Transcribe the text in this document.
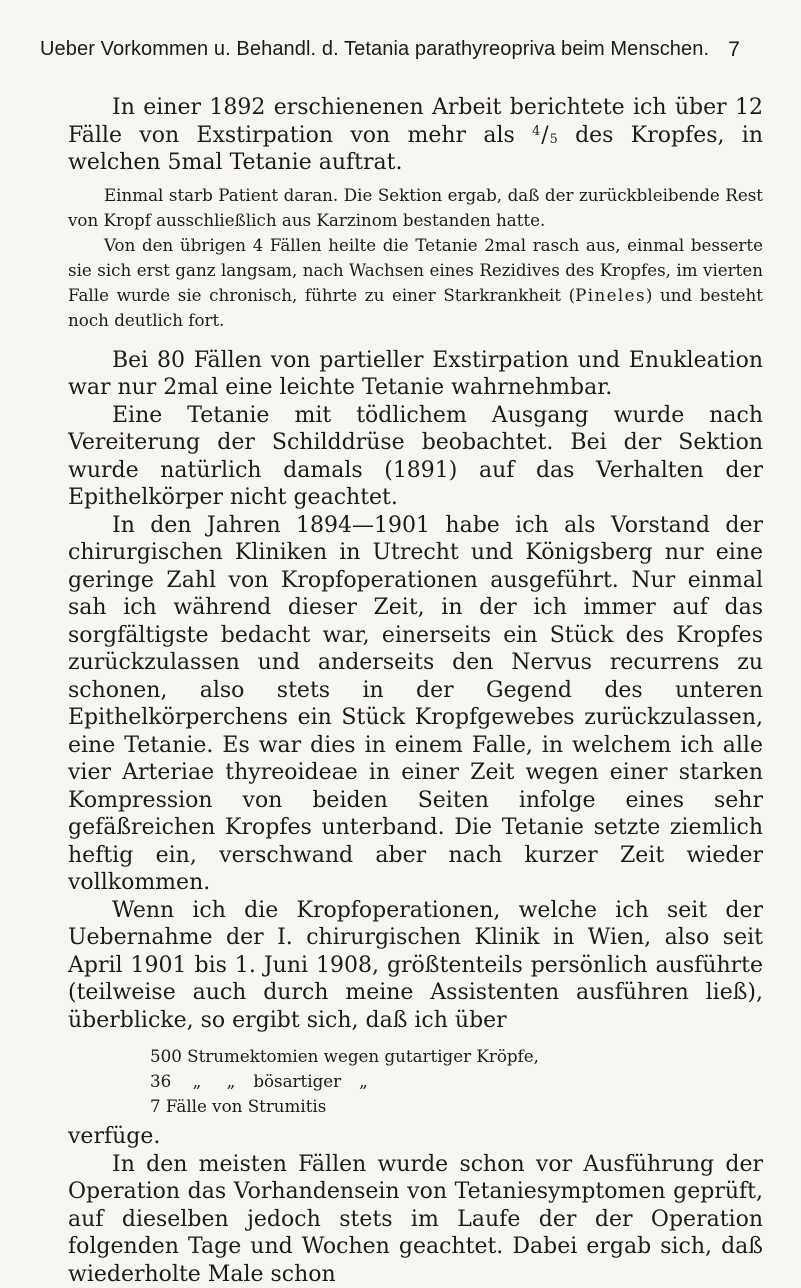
Ueber Vorkommen u. Behandl. d. Tetania parathyreopriva beim Menschen. 7

In einer 1892 erschienenen Arbeit berichtete ich über 12 Fälle von Exstirpation von mehr als $^4$/5 des Kropfes, in welchen 5mal Tetanie auftrat.

Einmal starb Patient daran. Die Sektion ergab, daß der zurückbleibende Rest von Kropf ausschließlich aus Karzinom bestanden hatte.

Von den übrigen 4 Fällen heilte die Tetanie 2mal rasch aus, einmal besserte sie sich erst ganz langsam, nach Wachsen eines Rezidives des Kropfes, im vierten Falle wurde sie chronisch, führte zu einer Starkrankheit (Pineles) und besteht noch deutlich fort.

Bei 80 Fällen von partieller Exstirpation und Enukleation war nur 2mal eine leichte Tetanie wahrnehmbar.

Eine Tetanie mit tödlichem Ausgang wurde nach Vereiterung der Schilddrüse beobachtet. Bei der Sektion wurde natürlich damals (1891) auf das Verhalten der Epithelkörper nicht geachtet.

In den Jahren 1894—1901 habe ich als Vorstand der chirurgischen Kliniken in Utrecht und Königsberg nur eine geringe Zahl von Kropfoperationen ausgeführt. Nur einmal sah ich während dieser Zeit, in der ich immer auf das sorgfältigste bedacht war, einerseits ein Stück des Kropfes zurückzulassen und anderseits den Nervus recurrens zu schonen, also stets in der Gegend des unteren Epithelkörperchens ein Stück Kropfgewebes zurückzulassen, eine Tetanie. Es war dies in einem Falle, in welchem ich alle vier Arteriae thyreoideae in einer Zeit wegen einer starken Kompression von beiden Seiten infolge eines sehr gefäßreichen Kropfes unterband. Die Tetanie setzte ziemlich heftig ein, verschwand aber nach kurzer Zeit wieder vollkommen.

Wenn ich die Kropfoperationen, welche ich seit der Uebernahme der I. chirurgischen Klinik in Wien, also seit April 1901 bis 1. Juni 1908, größtenteils persönlich ausführte (teilweise auch durch meine Assistenten ausführen ließ), überblicke, so ergibt sich, daß ich über

500 Strumektomien wegen gutartiger Kröpfe,
36 „ „ bösartiger „
7 Fälle von Strumitis

verfüge.

In den meisten Fällen wurde schon vor Ausführung der Operation das Vorhandensein von Tetaniesymptomen geprüft, auf dieselben jedoch stets im Laufe der der Operation folgenden Tage und Wochen geachtet. Dabei ergab sich, daß wiederholte Male schon
